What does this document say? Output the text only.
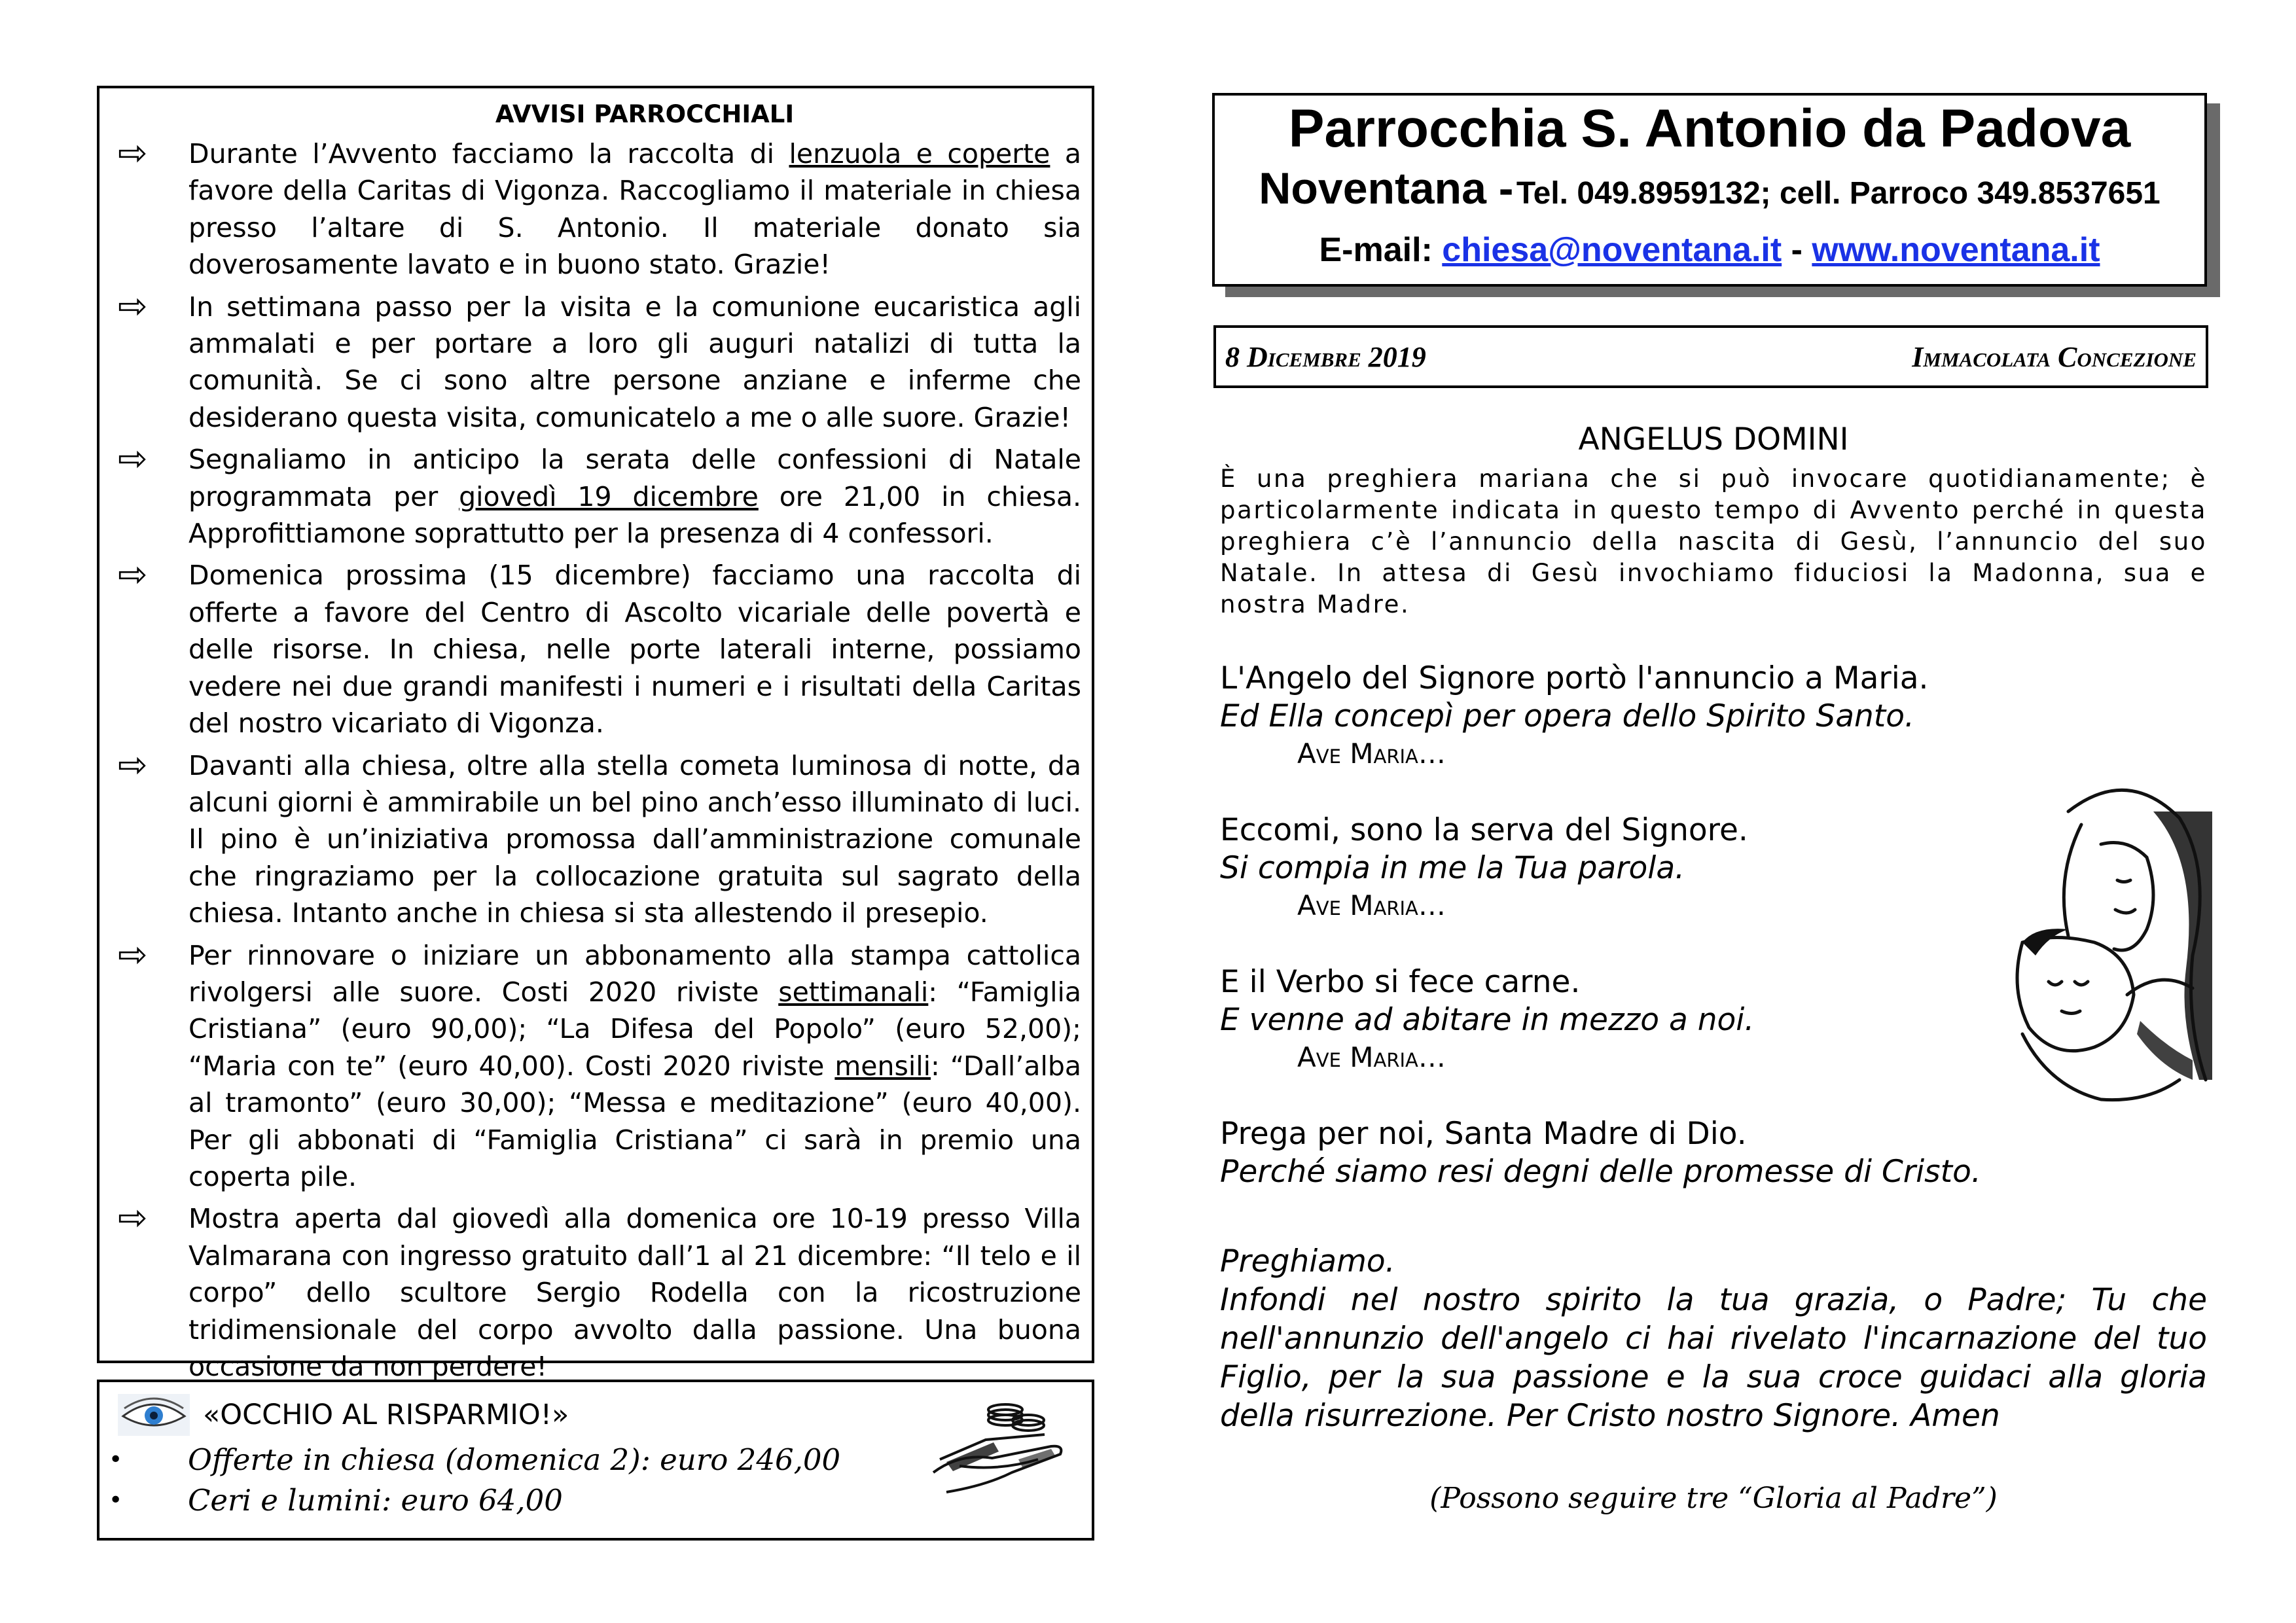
AVVISI PARROCCHIALI
⇨	Durante l’Avvento facciamo la raccolta di lenzuola e coperte a favore della Caritas di Vigonza. Raccogliamo il materiale in chiesa presso l’altare di S. Antonio. Il materiale donato sia doverosamente lavato e in buono stato. Grazie!
⇨	In settimana passo per la visita e la comunione eucaristica agli ammalati e per portare a loro gli auguri natalizi di tutta la comunità. Se ci sono altre persone anziane e inferme che desiderano questa visita, comunicatelo a me o alle suore. Grazie!
⇨	Segnaliamo in anticipo la serata delle confessioni di Natale programmata per giovedì 19 dicembre ore 21,00 in chiesa. Approfittiamone soprattutto per la presenza di 4 confessori.
⇨	Domenica prossima (15 dicembre) facciamo una raccolta di offerte a favore del Centro di Ascolto vicariale delle povertà e delle risorse. In chiesa, nelle porte laterali interne, possiamo vedere nei due grandi manifesti i numeri e i risultati della Caritas del nostro vicariato di Vigonza.
⇨	Davanti alla chiesa, oltre alla stella cometa luminosa di notte, da alcuni giorni è ammirabile un bel pino anch’esso illuminato di luci. Il pino è un’iniziativa promossa dall’amministrazione comunale che ringraziamo per la collocazione gratuita sul sagrato della chiesa. Intanto anche in chiesa si sta allestendo il presepio.
⇨	Per rinnovare o iniziare un abbonamento alla stampa cattolica rivolgersi alle suore. Costi 2020 riviste settimanali: “Famiglia Cristiana” (euro 90,00); “La Difesa del Popolo” (euro 52,00); “Maria con te” (euro 40,00). Costi 2020 riviste mensili: “Dall’alba al tramonto” (euro 30,00); “Messa e meditazione” (euro 40,00). Per gli abbonati di “Famiglia Cristiana” ci sarà in premio una coperta pile.
⇨	Mostra aperta dal giovedì alla domenica ore 10-19 presso Villa Valmarana con ingresso gratuito dall’1 al 21 dicembre: “Il telo e il corpo” dello scultore Sergio Rodella con la ricostruzione tridimensionale del corpo avvolto dalla passione. Una buona occasione da non perdere!
«OCCHIO AL RISPARMIO!»
• Offerte in chiesa (domenica 2): euro 246,00
• Ceri e lumini: euro 64,00
Parrocchia S. Antonio da Padova
Noventana - Tel. 049.8959132; cell. Parroco 349.8537651
E-mail: chiesa@noventana.it - www.noventana.it
8 Dicembre 2019	Immacolata Concezione
ANGELUS DOMINI

È una preghiera mariana che si può invocare quotidianamente; è particolarmente indicata in questo tempo di Avvento perché in questa preghiera c’è l’annuncio della nascita di Gesù, l’annuncio del suo Natale. In attesa di Gesù invochiamo fiduciosi la Madonna, sua e nostra Madre.

L'Angelo del Signore portò l'annuncio a Maria.
Ed Ella concepì per opera dello Spirito Santo.
Ave Maria…
Eccomi, sono la serva del Signore.
Si compia in me la Tua parola.
Ave Maria…
E il Verbo si fece carne.
E venne ad abitare in mezzo a noi.
Ave Maria…
Prega per noi, Santa Madre di Dio.
Perché siamo resi degni delle promesse di Cristo.
Preghiamo.
Infondi nel nostro spirito la tua grazia, o Padre; Tu che nell'annunzio dell'angelo ci hai rivelato l'incarnazione del tuo Figlio, per la sua passione e la sua croce guidaci alla gloria della risurrezione. Per Cristo nostro Signore. Amen
(Possono seguire tre “Gloria al Padre”)
